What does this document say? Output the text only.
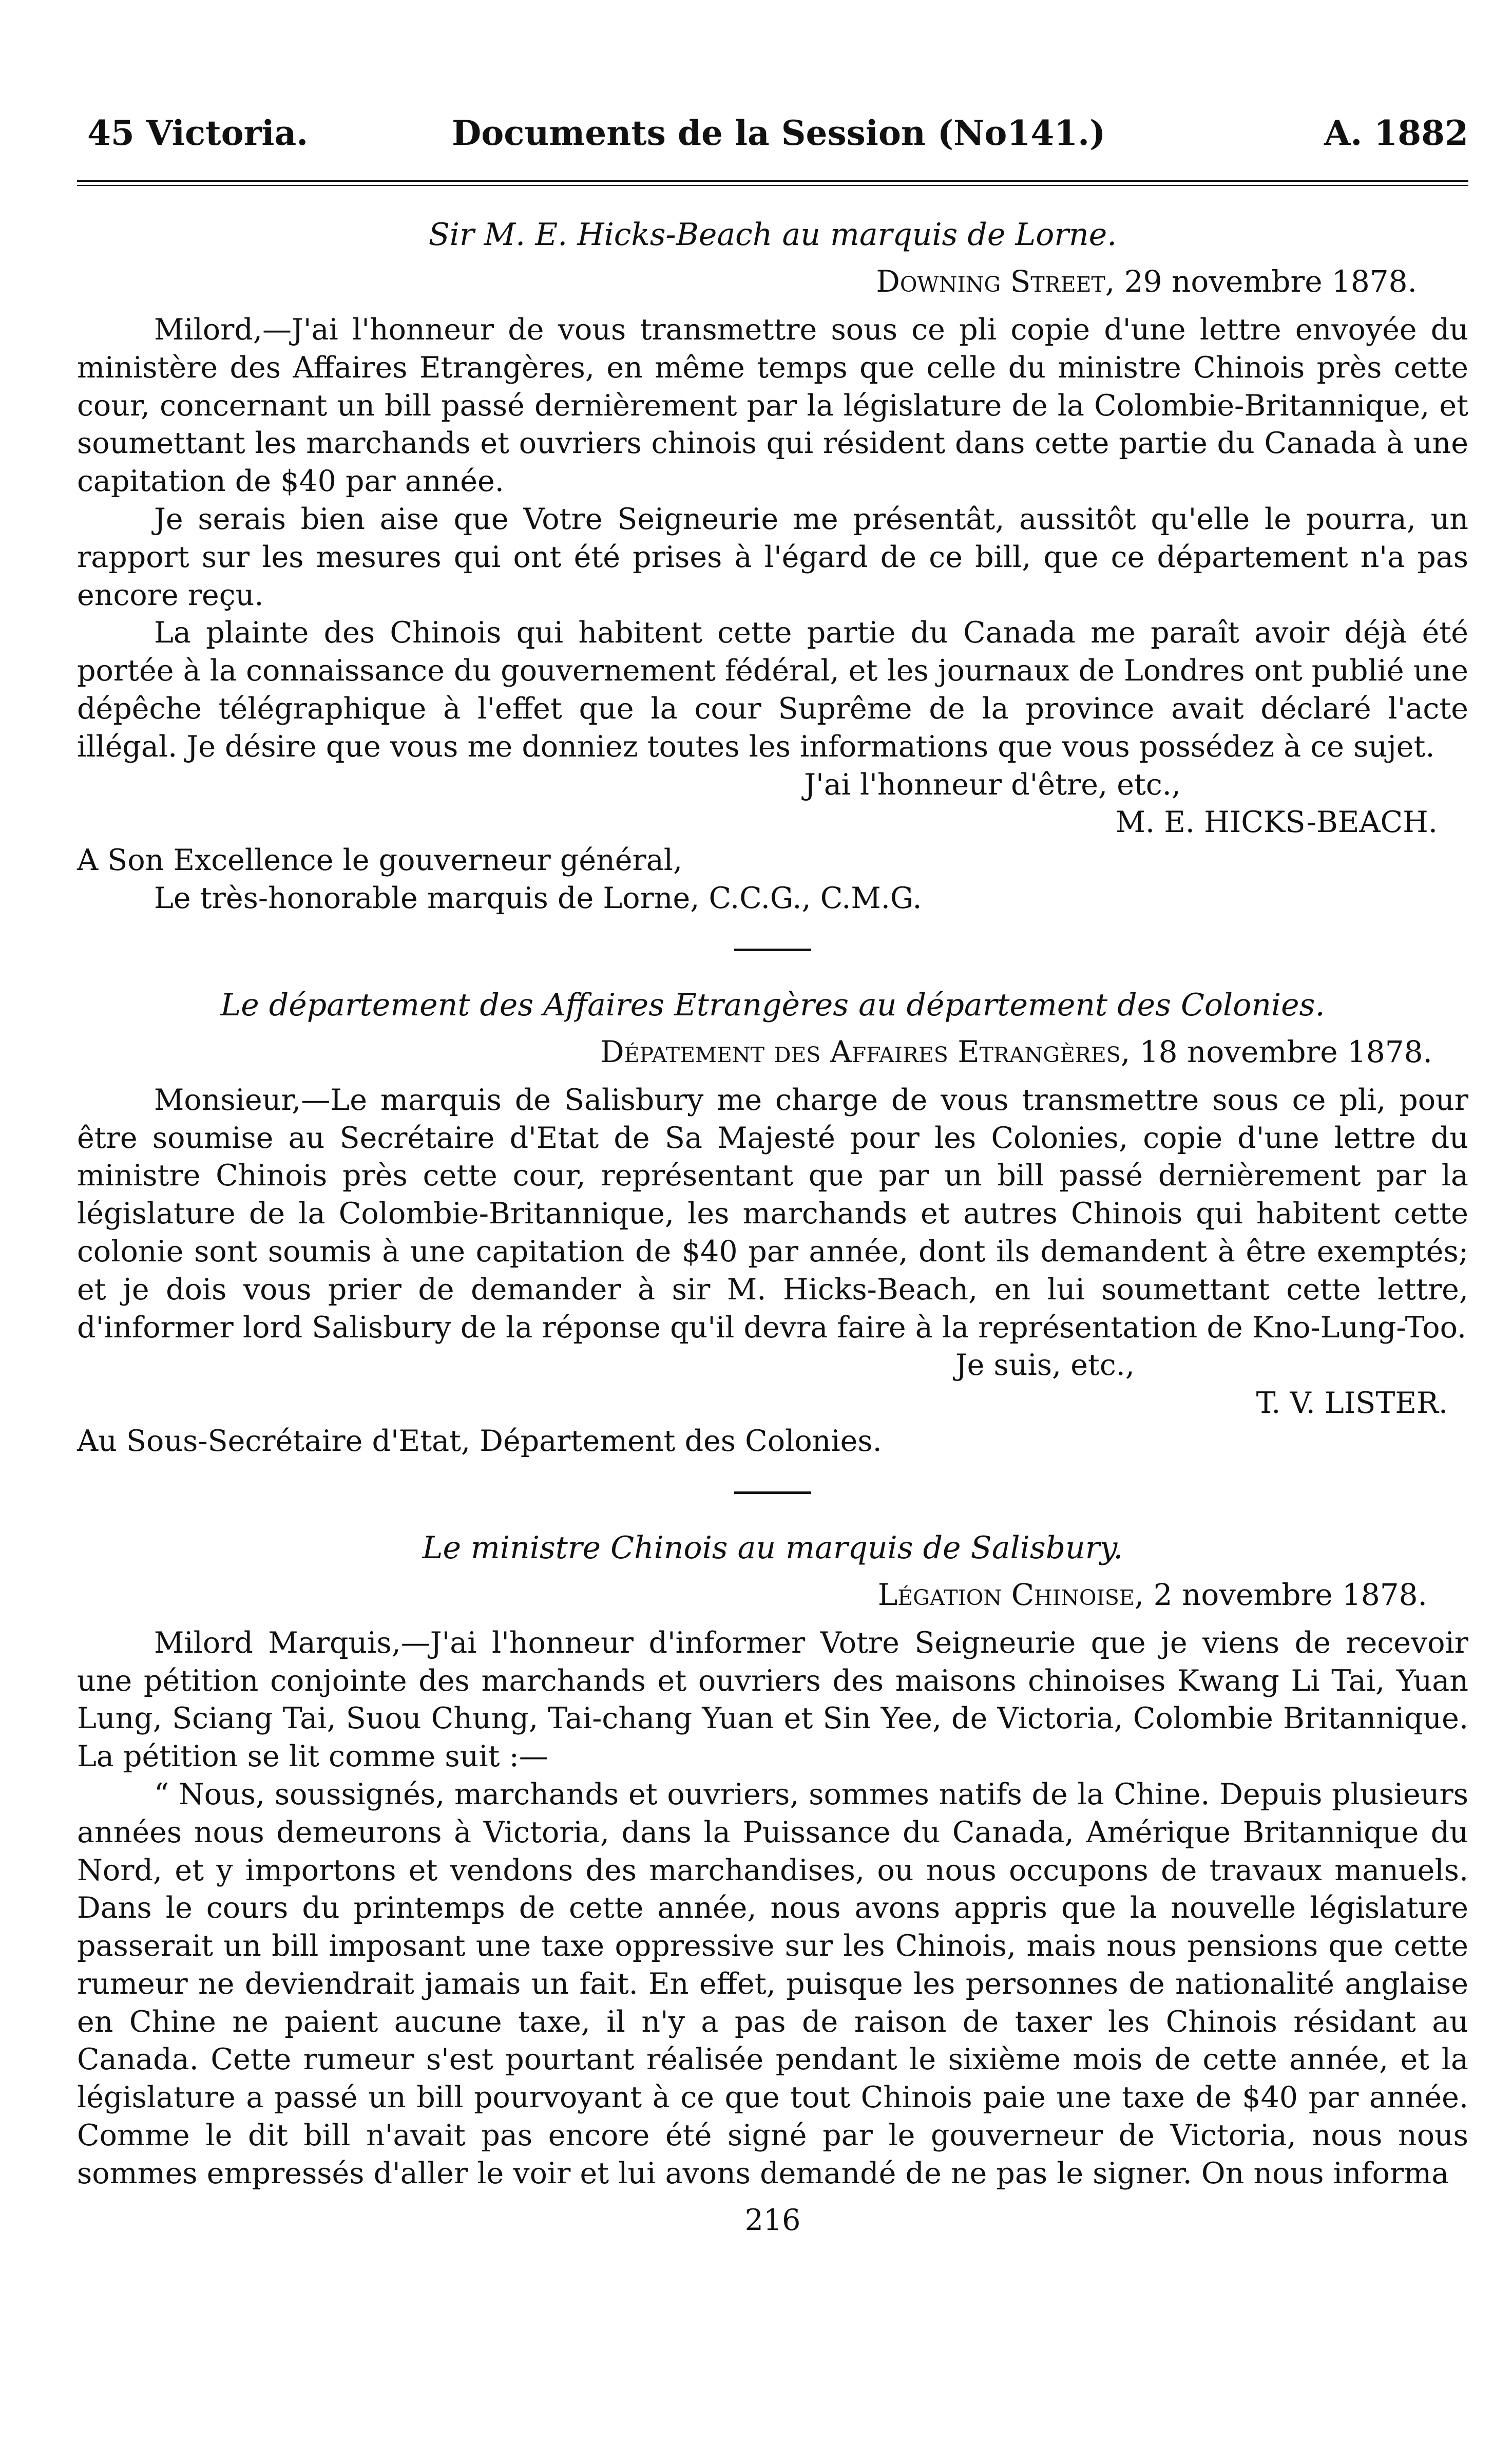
45 Victoria.	Documents de la Session (No141.)	A. 1882
Sir M. E. Hicks-Beach au marquis de Lorne.
Downing Street, 29 novembre 1878.

Milord,—J'ai l'honneur de vous transmettre sous ce pli copie d'une lettre envoyée du ministère des Affaires Etrangères, en même temps que celle du ministre Chinois près cette cour, concernant un bill passé dernièrement par la législature de la Colombie-Britannique, et soumettant les marchands et ouvriers chinois qui résident dans cette partie du Canada à une capitation de $40 par année.

Je serais bien aise que Votre Seigneurie me présentât, aussitôt qu'elle le pourra, un rapport sur les mesures qui ont été prises à l'égard de ce bill, que ce département n'a pas encore reçu.

La plainte des Chinois qui habitent cette partie du Canada me paraît avoir déjà été portée à la connaissance du gouvernement fédéral, et les journaux de Londres ont publié une dépêche télégraphique à l'effet que la cour Suprême de la province avait déclaré l'acte illégal. Je désire que vous me donniez toutes les informations que vous possédez à ce sujet.

J'ai l'honneur d'être, etc.,
M. E. HICKS-BEACH.
A Son Excellence le gouverneur général,
Le très-honorable marquis de Lorne, C.C.G., C.M.G.
Le département des Affaires Etrangères au département des Colonies.
Dépatement des Affaires Etrangères, 18 novembre 1878.

Monsieur,—Le marquis de Salisbury me charge de vous transmettre sous ce pli, pour être soumise au Secrétaire d'Etat de Sa Majesté pour les Colonies, copie d'une lettre du ministre Chinois près cette cour, représentant que par un bill passé dernièrement par la législature de la Colombie-Britannique, les marchands et autres Chinois qui habitent cette colonie sont soumis à une capitation de $40 par année, dont ils demandent à être exemptés; et je dois vous prier de demander à sir M. Hicks-Beach, en lui soumettant cette lettre, d'informer lord Salisbury de la réponse qu'il devra faire à la représentation de Kno-Lung-Too.

Je suis, etc.,
T. V. LISTER.
Au Sous-Secrétaire d'Etat, Département des Colonies.
Le ministre Chinois au marquis de Salisbury.
Légation Chinoise, 2 novembre 1878.

Milord Marquis,—J'ai l'honneur d'informer Votre Seigneurie que je viens de recevoir une pétition conjointe des marchands et ouvriers des maisons chinoises Kwang Li Tai, Yuan Lung, Sciang Tai, Suou Chung, Tai-chang Yuan et Sin Yee, de Victoria, Colombie Britannique. La pétition se lit comme suit :—

“ Nous, soussignés, marchands et ouvriers, sommes natifs de la Chine. Depuis plusieurs années nous demeurons à Victoria, dans la Puissance du Canada, Amérique Britannique du Nord, et y importons et vendons des marchandises, ou nous occupons de travaux manuels. Dans le cours du printemps de cette année, nous avons appris que la nouvelle législature passerait un bill imposant une taxe oppressive sur les Chinois, mais nous pensions que cette rumeur ne deviendrait jamais un fait. En effet, puisque les personnes de nationalité anglaise en Chine ne paient aucune taxe, il n'y a pas de raison de taxer les Chinois résidant au Canada. Cette rumeur s'est pourtant réalisée pendant le sixième mois de cette année, et la législature a passé un bill pourvoyant à ce que tout Chinois paie une taxe de $40 par année. Comme le dit bill n'avait pas encore été signé par le gouverneur de Victoria, nous nous sommes empressés d'aller le voir et lui avons demandé de ne pas le signer. On nous informa

216
